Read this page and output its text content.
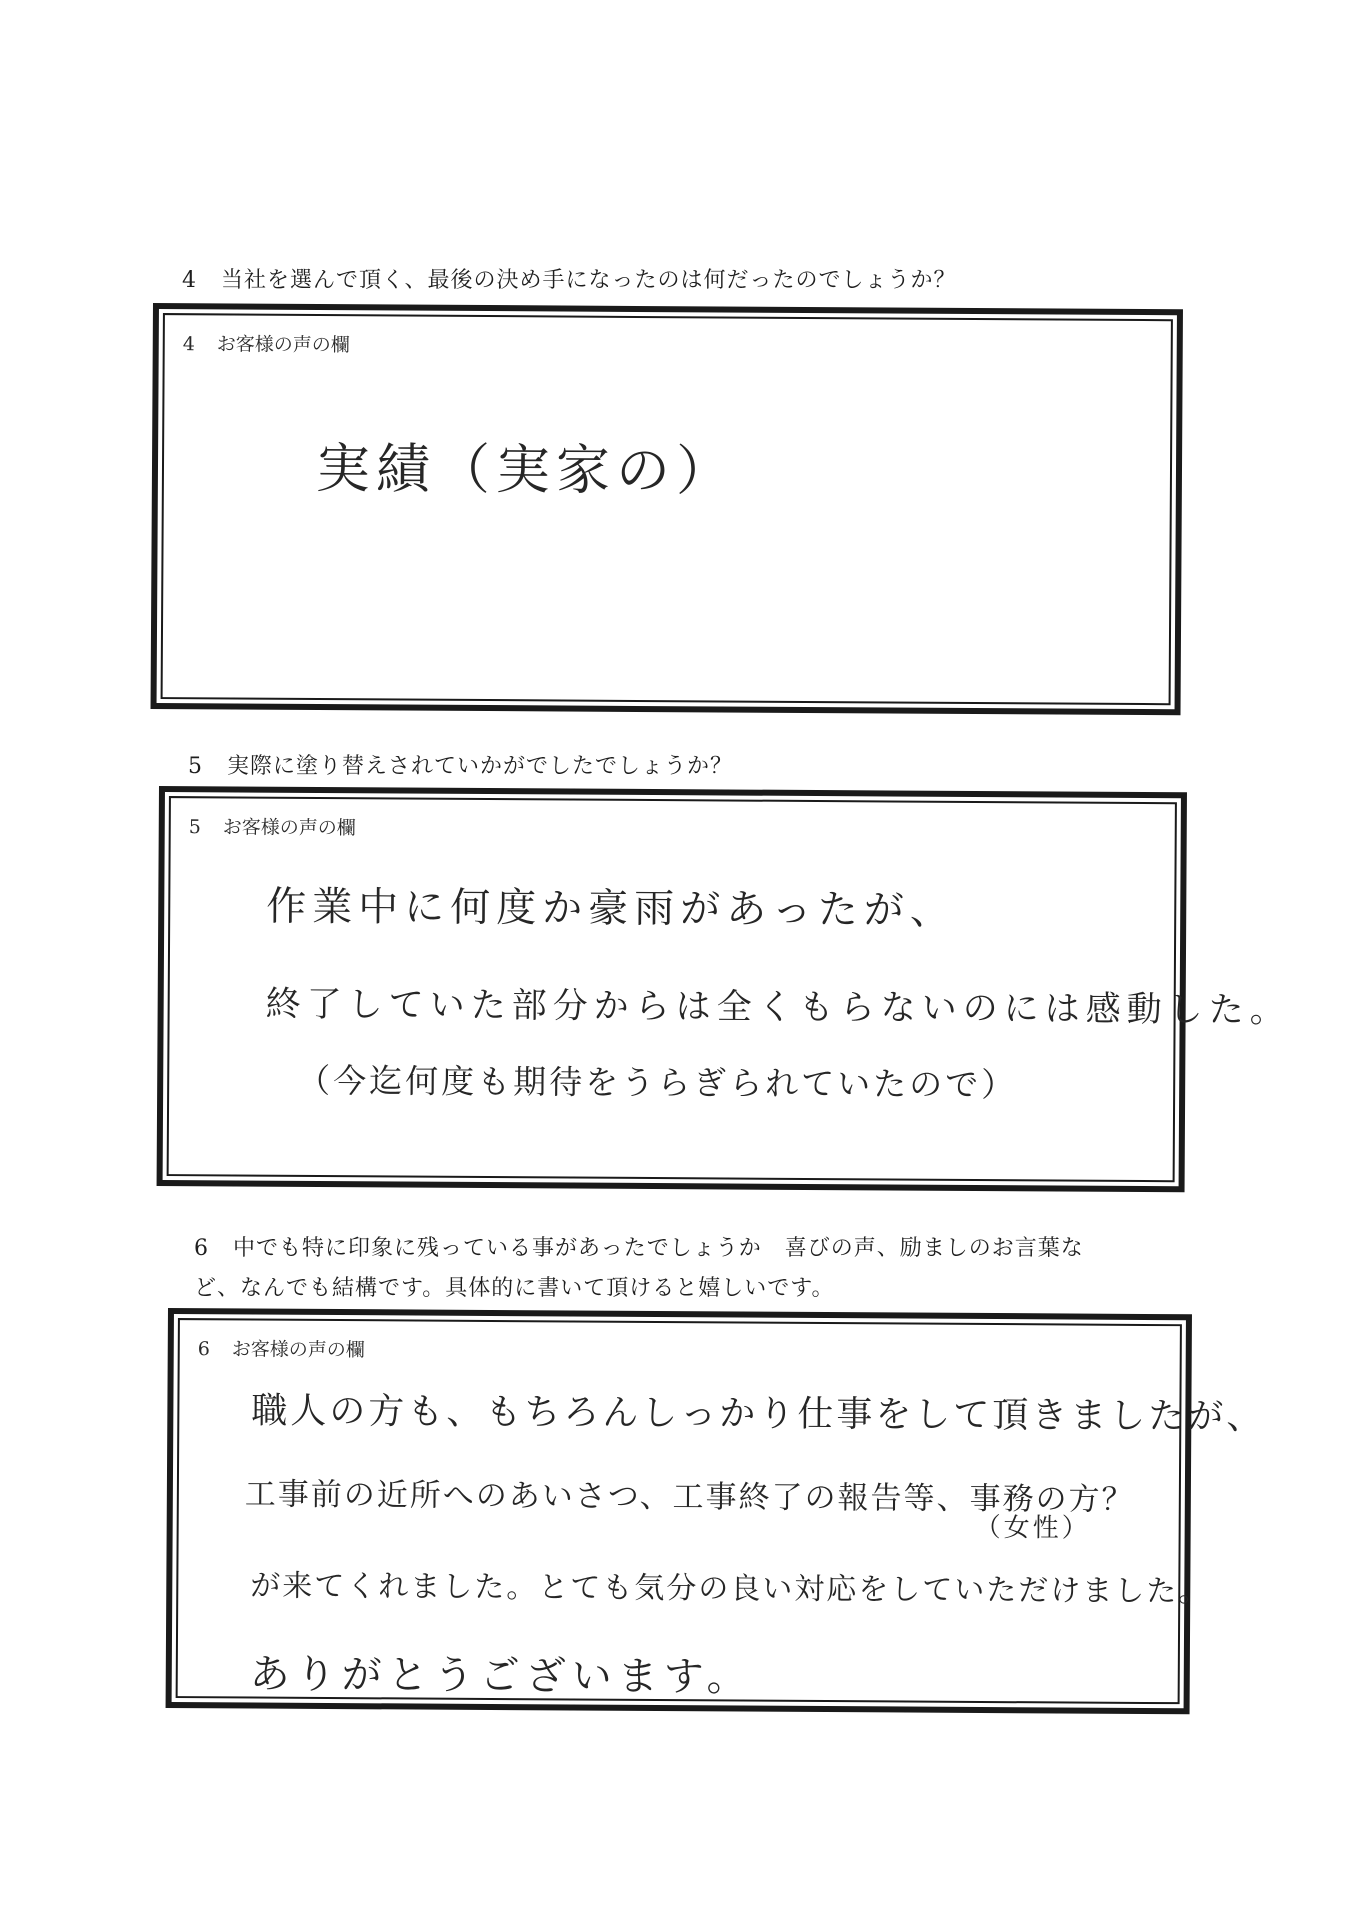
4 当社を選んで頂く、最後の決め手になったのは何だったのでしょうか？
4 お客様の声の欄
実績（実家の）
5 実際に塗り替えされていかがでしたでしょうか？
5 お客様の声の欄
作業中に何度か豪雨があったが、
終了していた部分からは全くもらないのには感動した。
（今迄何度も期待をうらぎられていたので）
6 中でも特に印象に残っている事があったでしょうか　喜びの声、励ましのお言葉な
ど、なんでも結構です。具体的に書いて頂けると嬉しいです。
6 お客様の声の欄
職人の方も、もちろんしっかり仕事をして頂きましたが、
工事前の近所へのあいさつ、工事終了の報告等、事務の方？
（女性）
が来てくれました。とても気分の良い対応をしていただけました。
ありがとうございます。
